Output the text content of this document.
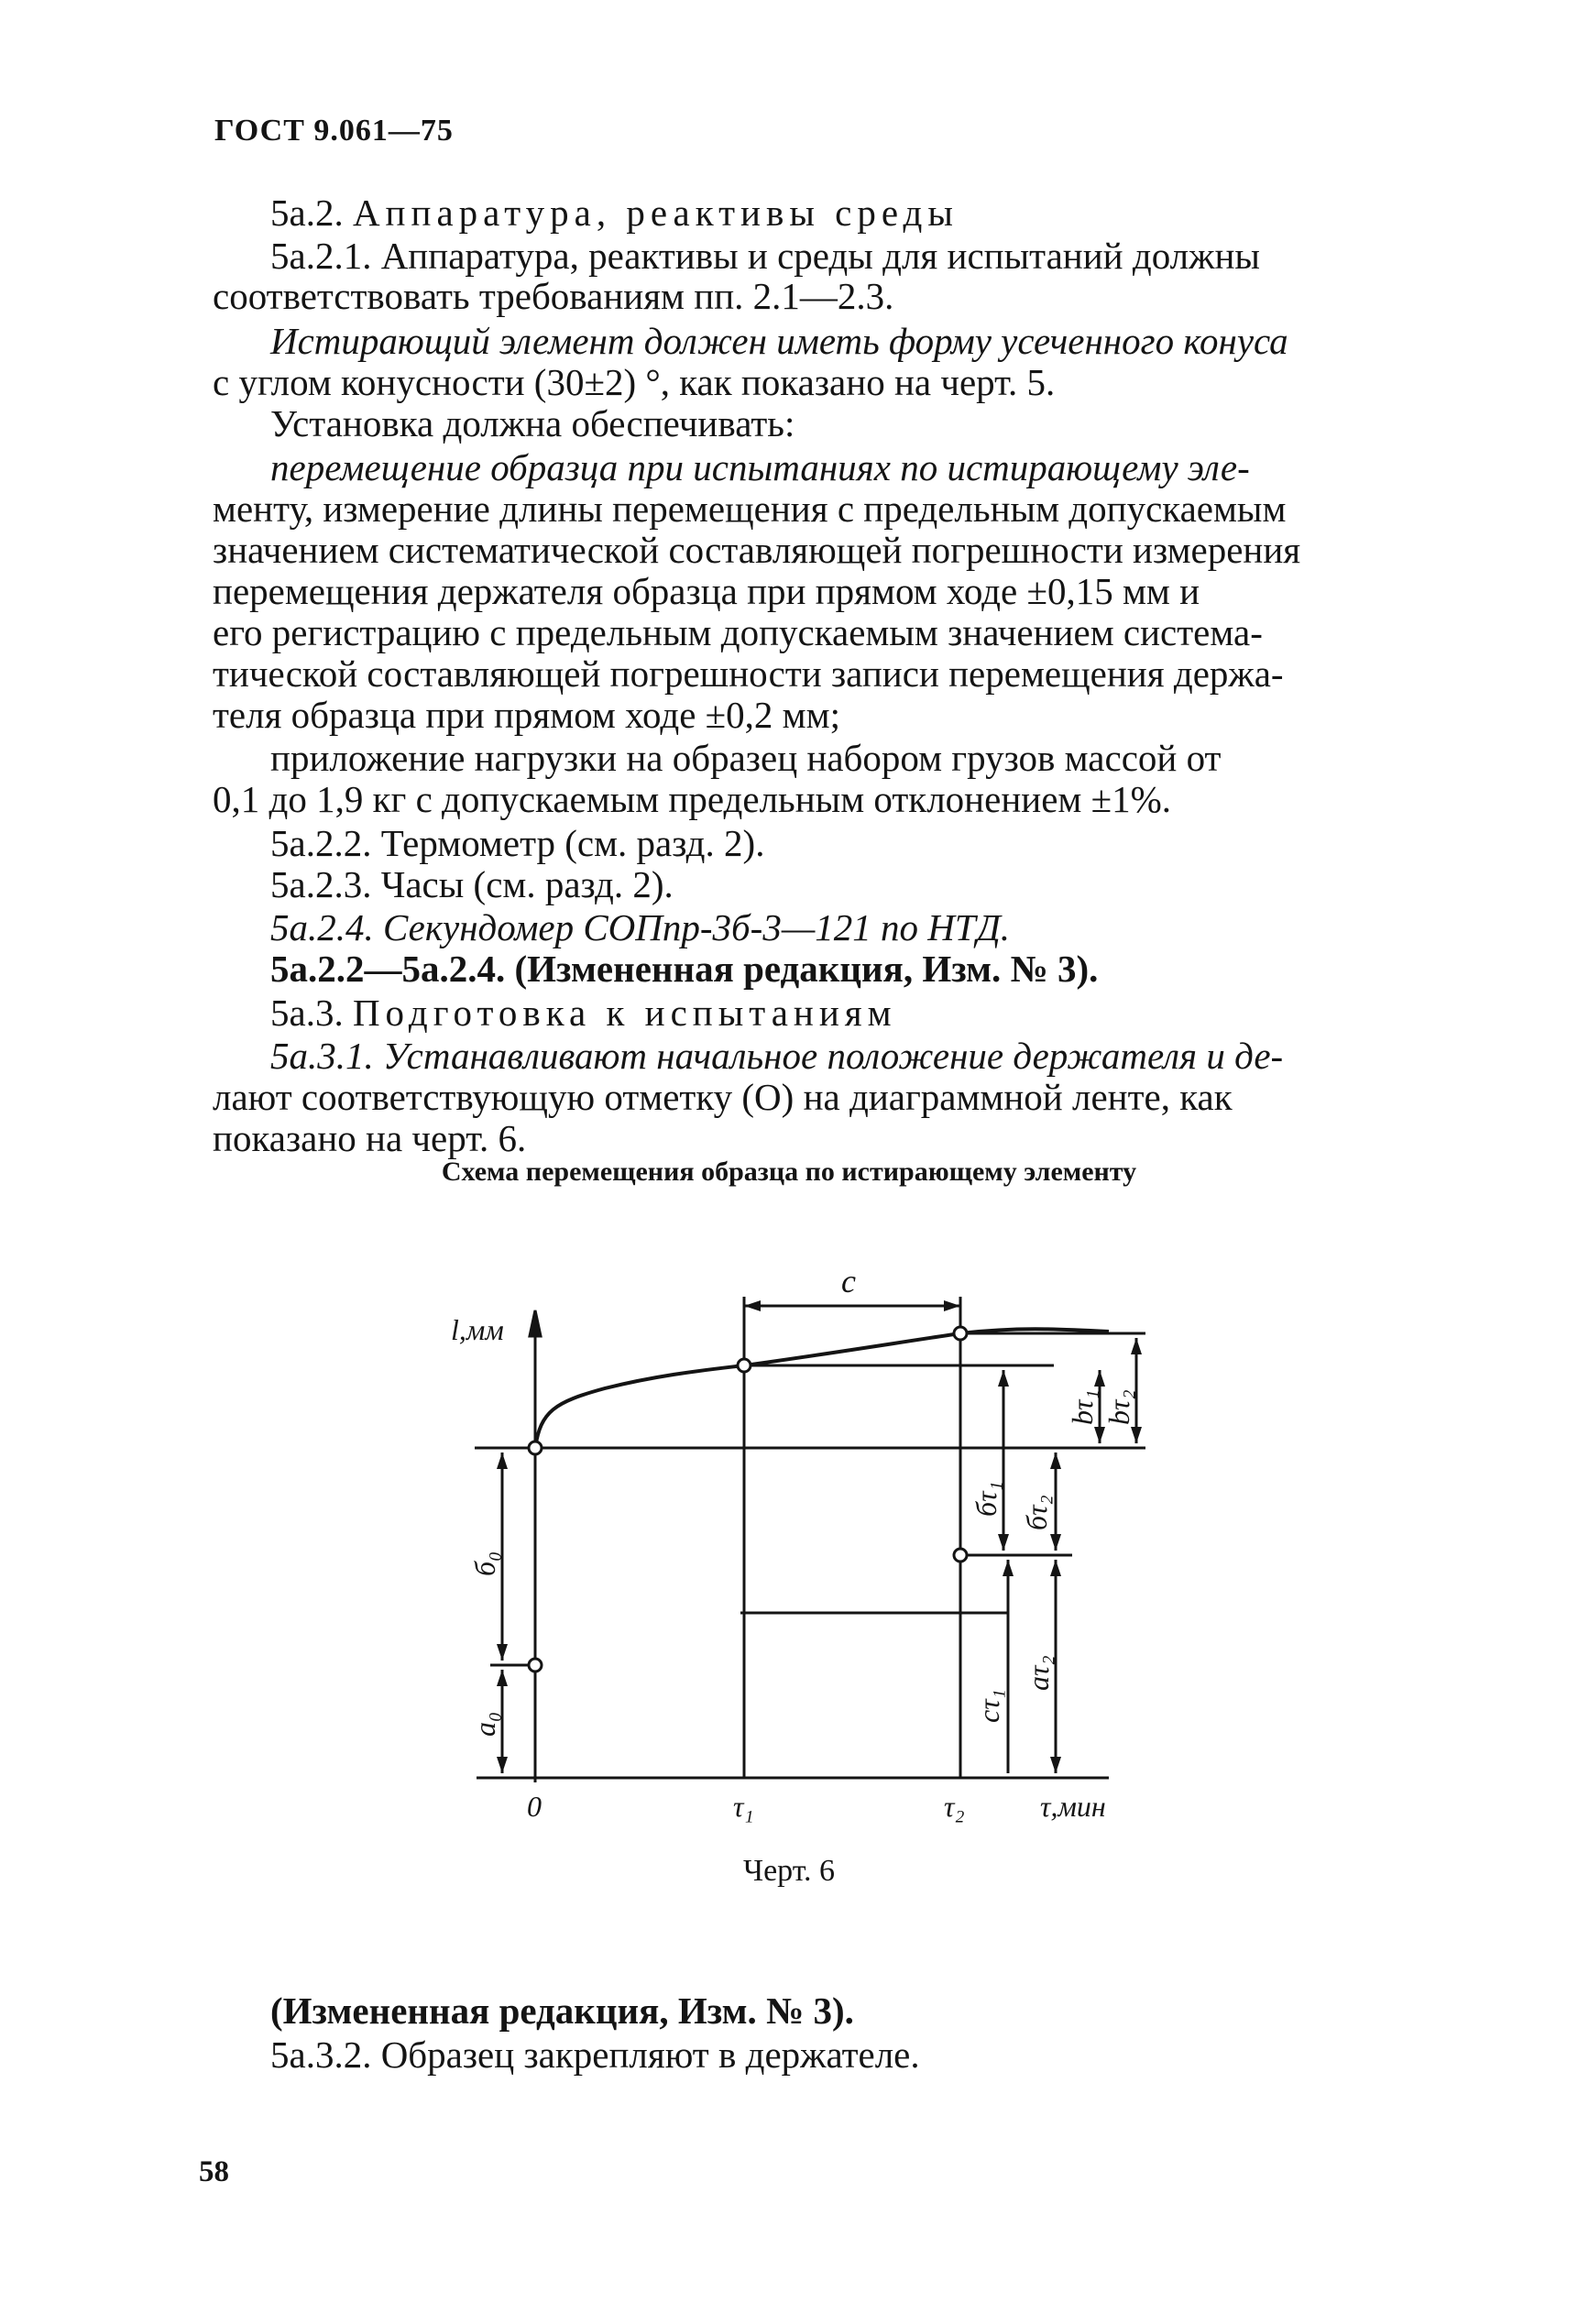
ГОСТ 9.061—75
5а.2. Аппаратура, реактивы среды
5а.2.1. Аппаратура, реактивы и среды для испытаний должны
соответствовать требованиям пп. 2.1—2.3.
Истирающий элемент должен иметь форму усеченного конуса
с углом конусности (30±2) °, как показано на черт. 5.
Установка должна обеспечивать:
перемещение образца при испытаниях по истирающему эле-
менту, измерение длины перемещения с предельным допускаемым
значением систематической составляющей погрешности измерения
перемещения держателя образца при прямом ходе ±0,15 мм и
его регистрацию с предельным допускаемым значением система-
тической составляющей погрешности записи перемещения держа-
теля образца при прямом ходе ±0,2 мм;
приложение нагрузки на образец набором грузов массой от
0,1 до 1,9 кг с допускаемым предельным отклонением ±1%.
5а.2.2. Термометр (см. разд. 2).
5а.2.3. Часы (см. разд. 2).
5а.2.4. Секундомер СОПпр-3б-3—121 по НТД.
5а.2.2—5а.2.4. (Измененная редакция, Изм. № 3).
5а.3. Подготовка к испытаниям
5а.3.1. Устанавливают начальное положение держателя и де-
лают соответствующую отметку (О) на диаграммной ленте, как
показано на черт. 6.
Схема перемещения образца по истирающему элементу
l,мм
τ,мин
0	τ₁	τ₂
c
б₀
a₀
бτ₁ бτ₂
cτ₁
aτ₂
bτ₁ bτ₂
Черт. 6
(Измененная редакция, Изм. № 3).
5а.3.2. Образец закрепляют в держателе.
58
